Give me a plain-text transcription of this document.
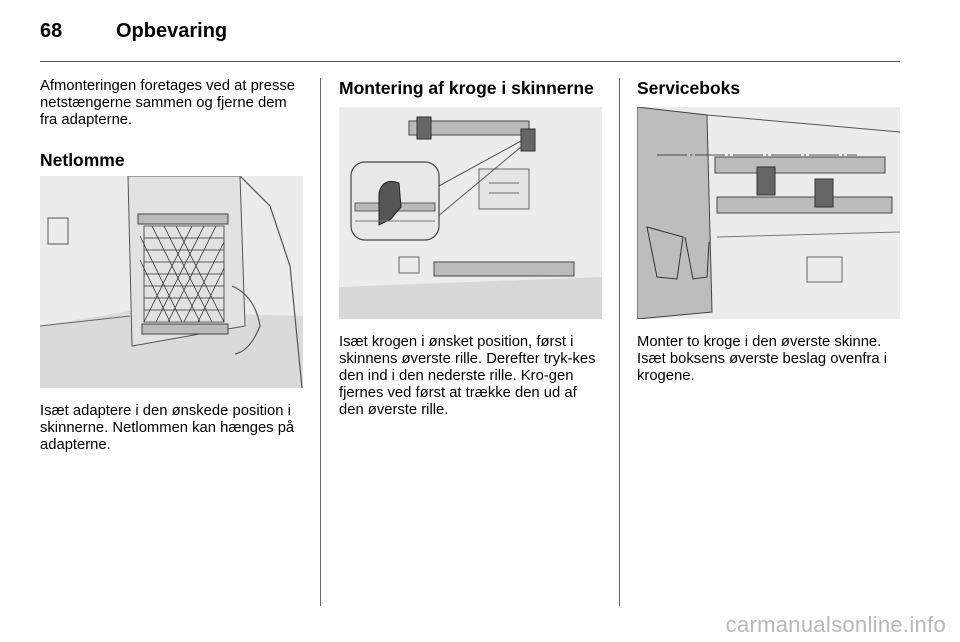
68	Opbevaring

Afmonteringen foretages ved at presse netstængerne sammen og fjerne dem fra adapterne.

Netlomme

Isæt adaptere i den ønskede position i skinnerne. Netlommen kan hænges på adapterne.

Montering af kroge i skinnerne

Isæt krogen i ønsket position, først i skinnens øverste rille. Derefter tryk-kes den ind i den nederste rille. Kro-gen fjernes ved først at trække den ud af den øverste rille.

Serviceboks

Monter to kroge i den øverste skinne. Isæt boksens øverste beslag ovenfra i krogene.

carmanualsonline.info
